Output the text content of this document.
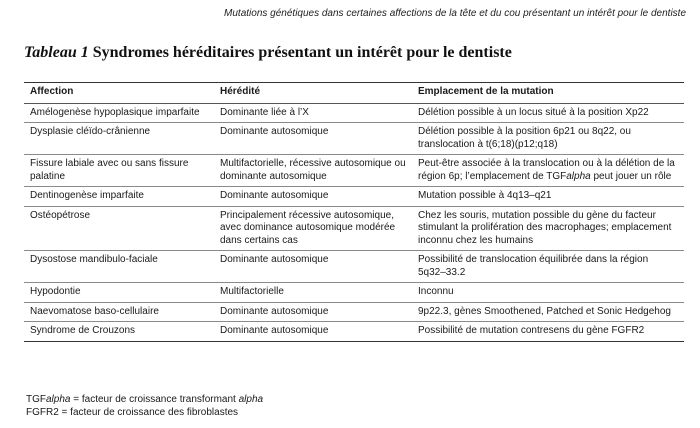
Mutations génétiques dans certaines affections de la tête et du cou présentant un intérêt pour le dentiste
Tableau 1 Syndromes héréditaires présentant un intérêt pour le dentiste
Affection	Hérédité	Emplacement de la mutation
Amélogenèse hypoplasique imparfaite	Dominante liée à l’X	Délétion possible à un locus situé à la position Xp22
Dysplasie cléïdo-crânienne	Dominante autosomique	Délétion possible à la position 6p21 ou 8q22, ou translocation à t(6;18)(p12;q18)
Fissure labiale avec ou sans fissure palatine	Multifactorielle, récessive autosomique ou dominante autosomique	Peut-être associée à la translocation ou à la délétion de la région 6p; l’emplacement de TGFalpha peut jouer un rôle
Dentinogenèse imparfaite	Dominante autosomique	Mutation possible à 4q13–q21
Ostéopétrose	Principalement récessive autosomique, avec dominance autosomique modérée dans certains cas	Chez les souris, mutation possible du gène du facteur stimulant la prolifération des macrophages; emplacement inconnu chez les humains
Dysostose mandibulo-faciale	Dominante autosomique	Possibilité de translocation équilibrée dans la région 5q32–33.2
Hypodontie	Multifactorielle	Inconnu
Naevomatose baso-cellulaire	Dominante autosomique	9p22.3, gènes Smoothened, Patched et Sonic Hedgehog
Syndrome de Crouzons	Dominante autosomique	Possibilité de mutation contresens du gène FGFR2
TGFalpha = facteur de croissance transformant alpha
FGFR2 = facteur de croissance des fibroblastes
